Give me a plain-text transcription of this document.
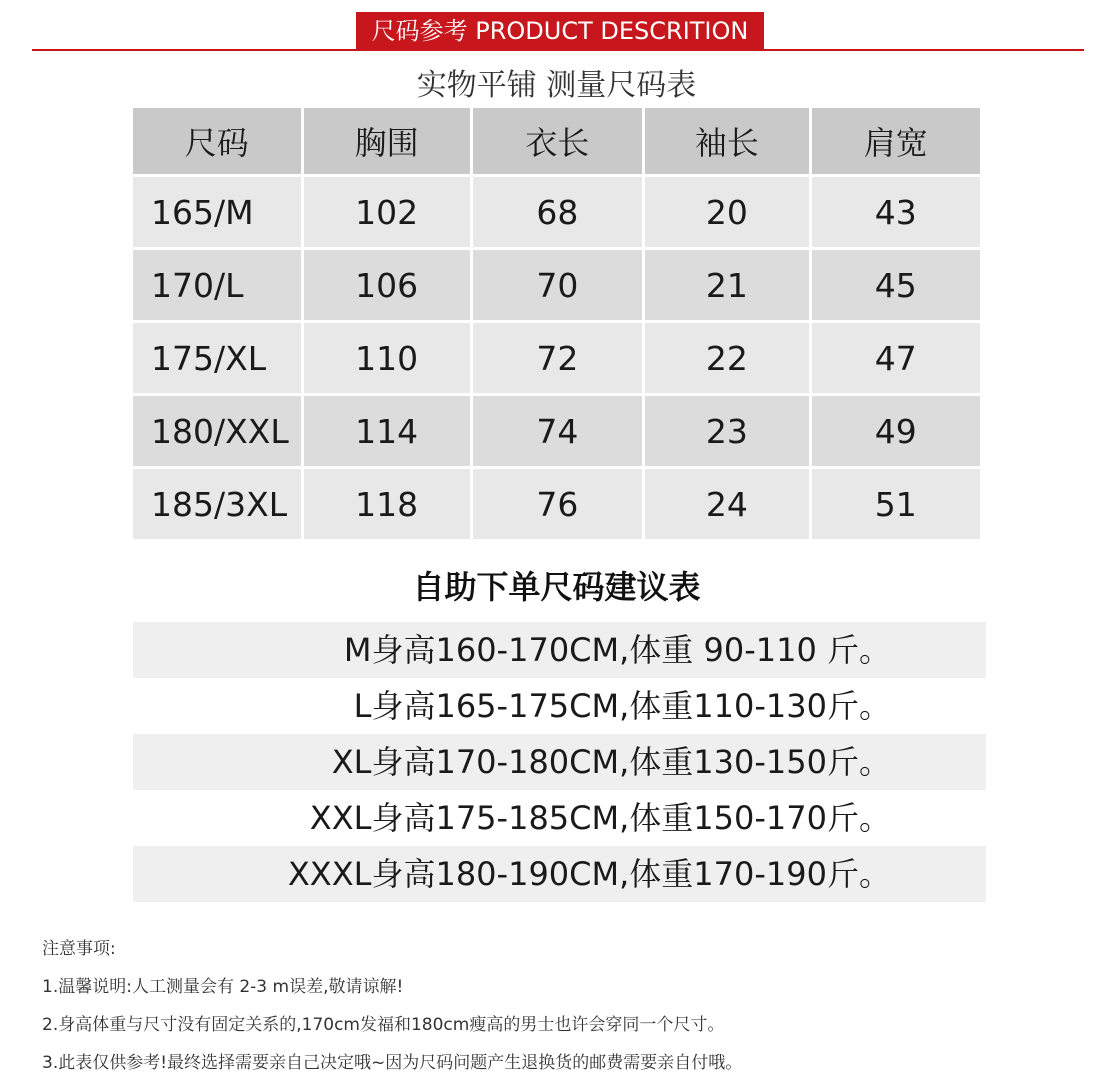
尺码参考 PRODUCT DESCRITION
实物平铺 测量尺码表
尺码	胸围	衣长	袖长	肩宽
165/M	102	68	20	43
170/L	106	70	21	45
175/XL	110	72	22	47
180/XXL	114	74	23	49
185/3XL	118	76	24	51
自助下单尺码建议表
M身高160-170CM,体重 90-110 斤。
L身高165-175CM,体重110-130斤。
XL身高170-180CM,体重130-150斤。
XXL身高175-185CM,体重150-170斤。
XXXL身高180-190CM,体重170-190斤。
注意事项:
1.温馨说明:人工测量会有 2-3 m误差,敬请谅解!
2.身高体重与尺寸没有固定关系的,170cm发福和180cm瘦高的男士也许会穿同一个尺寸。
3.此表仅供参考!最终选择需要亲自己决定哦~因为尺码问题产生退换货的邮费需要亲自付哦。
